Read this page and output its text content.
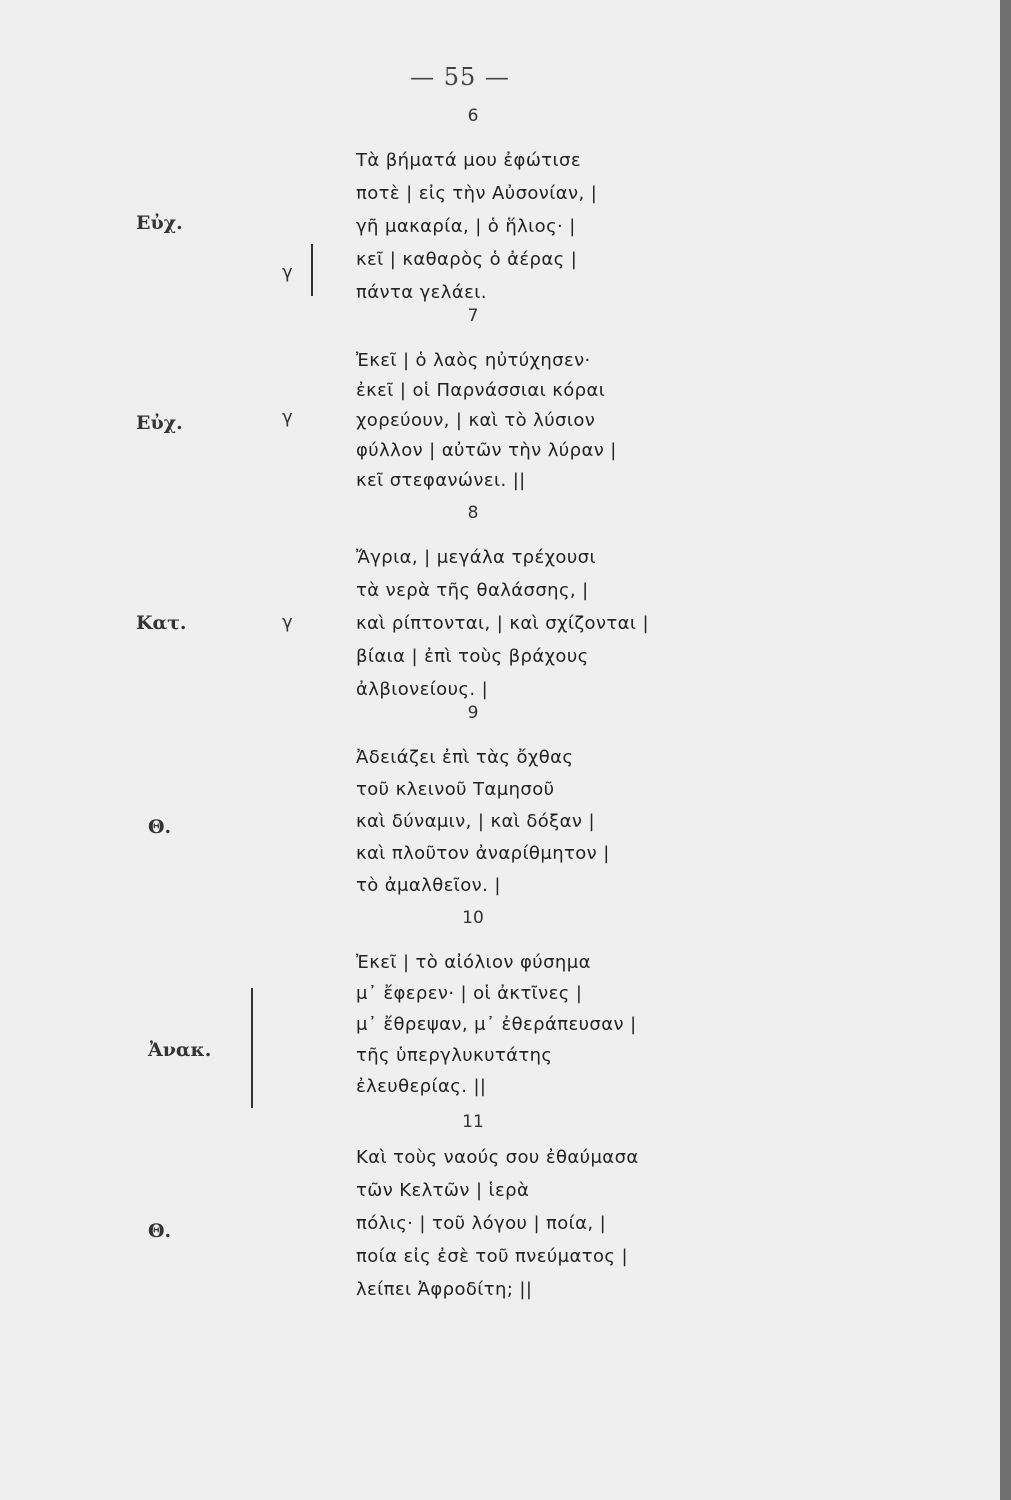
— 55 —
6
Τὰ βήματά μου ἐφώτισε
ποτὲ | εἰς τὴν Αὐσονίαν, |
γῆ μακαρία, | ὁ ἥλιος· |
κεῖ | καθαρὸς ὁ ἀέρας |
πάντα γελάει.
7
Ἐκεῖ | ὁ λαὸς ηὐτύχησεν·
ἐκεῖ | οἱ Παρνάσσιαι κόραι
χορεύουν, | καὶ τὸ λύσιον
φύλλον | αὐτῶν τὴν λύραν |
κεῖ στεφανώνει. ||
8
Ἄγρια, | μεγάλα τρέχουσι
τὰ νερὰ τῆς θαλάσσης, |
καὶ ρίπτονται, | καὶ σχίζονται |
βίαια | ἐπὶ τοὺς βράχους
ἀλβιονείους. |
9
Ἀδειάζει ἐπὶ τὰς ὄχθας
τοῦ κλεινοῦ Ταμησοῦ
καὶ δύναμιν, | καὶ δόξαν |
καὶ πλοῦτον ἀναρίθμητον |
τὸ ἀμαλθεῖον. |
10
Ἐκεῖ | τὸ αἰόλιον φύσημα
μ᾽ ἔφερεν· | οἱ ἀκτῖνες |
μ᾽ ἔθρεψαν, μ᾽ ἐθεράπευσαν |
τῆς ὑπεργλυκυτάτης
ἐλευθερίας. ||
11
Καὶ τοὺς ναούς σου ἐθαύμασα
τῶν Κελτῶν | ἱερὰ
πόλις· | τοῦ λόγου | ποία, |
ποία εἰς ἐσὲ τοῦ πνεύματος |
λείπει Ἀφροδίτη; ||
Εὐχ.
Εὐχ.
Κατ.
Θ.
Ἀνακ.
Θ.
γ
γ
γ
